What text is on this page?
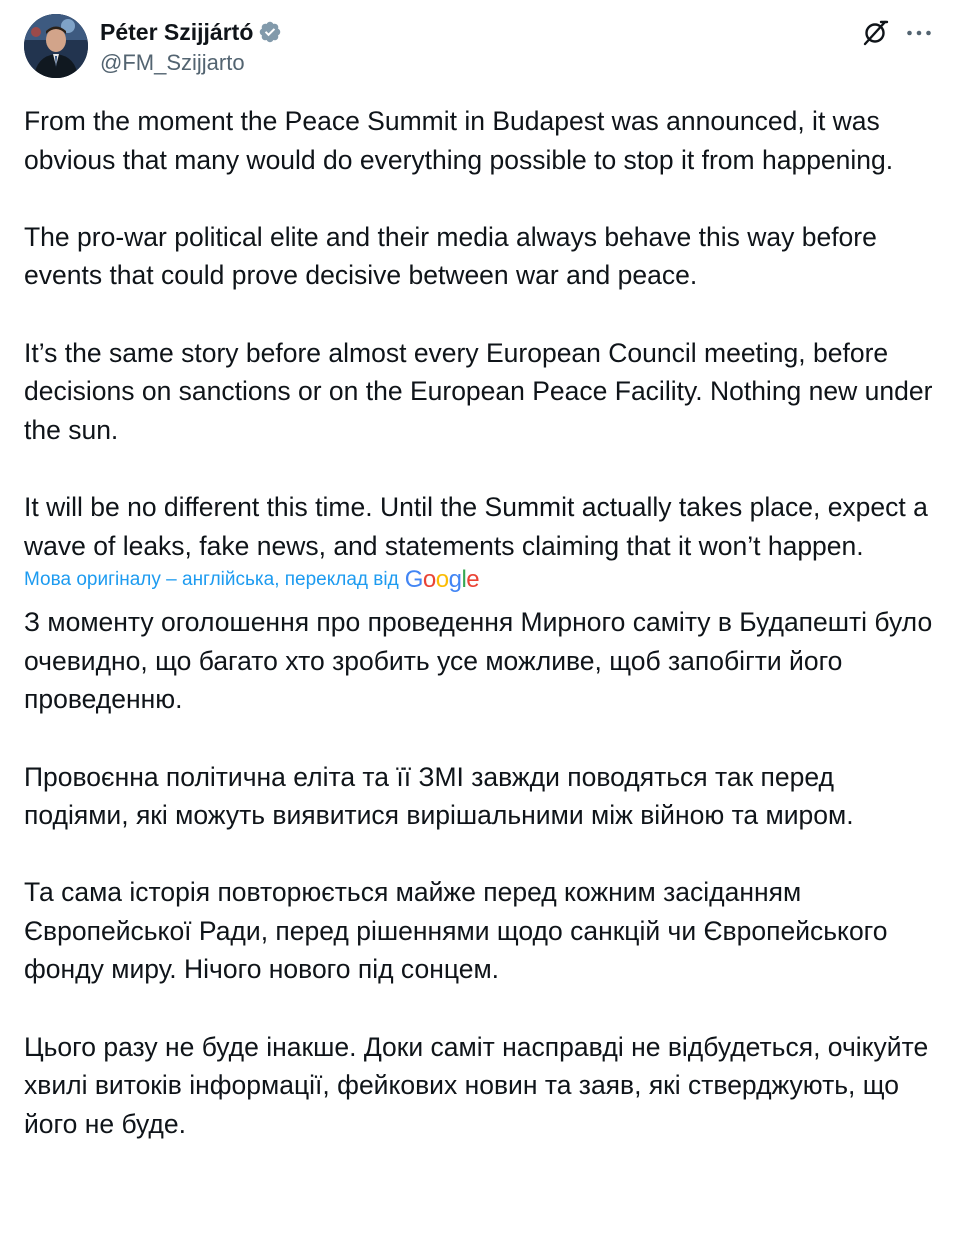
Péter Szijjártó
@FM_Szijjarto

From the moment the Peace Summit in Budapest was announced, it was obvious that many would do everything possible to stop it from happening.

The pro-war political elite and their media always behave this way before events that could prove decisive between war and peace.

It’s the same story before almost every European Council meeting, before decisions on sanctions or on the European Peace Facility. Nothing new under the sun.

It will be no different this time. Until the Summit actually takes place, expect a wave of leaks, fake news, and statements claiming that it won’t happen.

Мова оригіналу – англійська, переклад від Google

З моменту оголошення про проведення Мирного саміту в Будапешті було очевидно, що багато хто зробить усе можливе, щоб запобігти його проведенню.

Провоєнна політична еліта та її ЗМІ завжди поводяться так перед подіями, які можуть виявитися вирішальними між війною та миром.

Та сама історія повторюється майже перед кожним засіданням Європейської Ради, перед рішеннями щодо санкцій чи Європейського фонду миру. Нічого нового під сонцем.

Цього разу не буде інакше. Доки саміт насправді не відбудеться, очікуйте хвилі витоків інформації, фейкових новин та заяв, які стверджують, що його не буде.
